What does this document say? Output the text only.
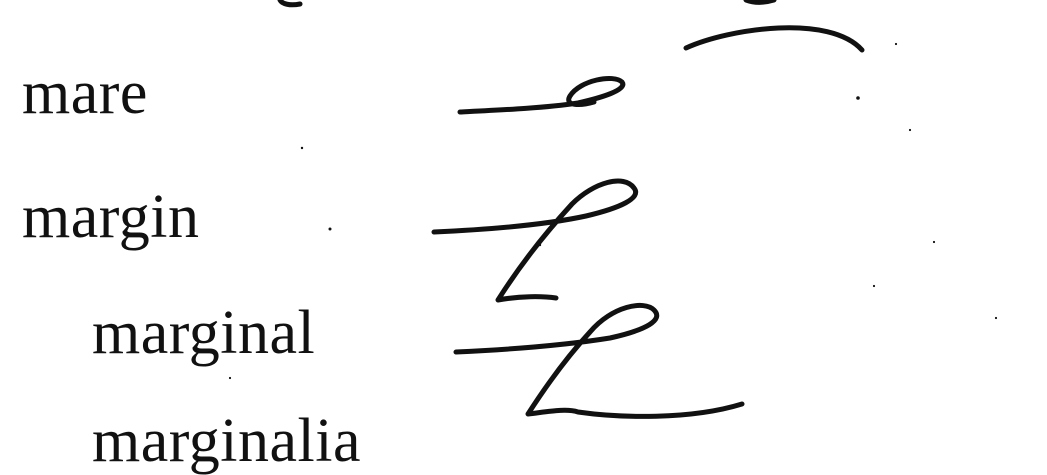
mare
margin
marginal
marginalia
